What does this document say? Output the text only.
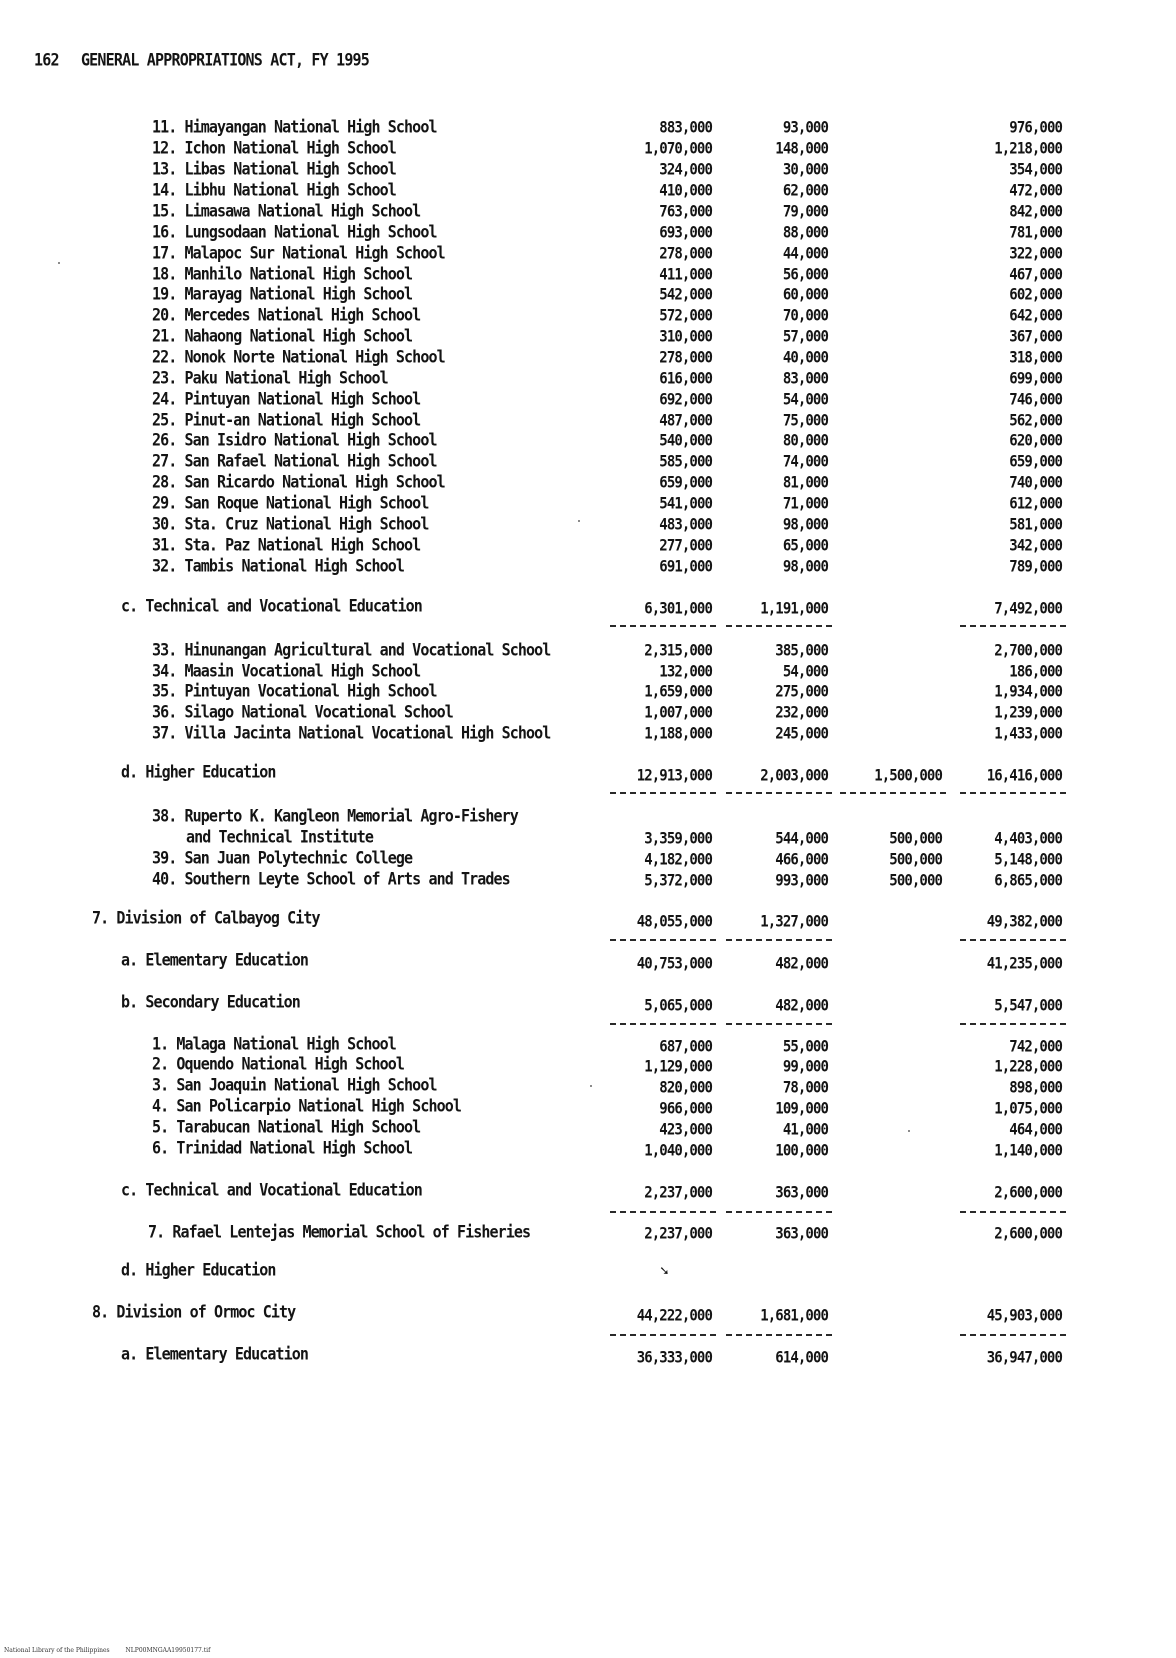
162 GENERAL APPROPRIATIONS ACT, FY 1995
11. Himayangan National High School	883,000	93,000	976,000
12. Ichon National High School	1,070,000	148,000	1,218,000
13. Libas National High School	324,000	30,000	354,000
14. Libhu National High School	410,000	62,000	472,000
15. Limasawa National High School	763,000	79,000	842,000
16. Lungsodaan National High School	693,000	88,000	781,000
17. Malapoc Sur National High School	278,000	44,000	322,000
18. Manhilo National High School	411,000	56,000	467,000
19. Marayag National High School	542,000	60,000	602,000
20. Mercedes National High School	572,000	70,000	642,000
21. Nahaong National High School	310,000	57,000	367,000
22. Nonok Norte National High School	278,000	40,000	318,000
23. Paku National High School	616,000	83,000	699,000
24. Pintuyan National High School	692,000	54,000	746,000
25. Pinut-an National High School	487,000	75,000	562,000
26. San Isidro National High School	540,000	80,000	620,000
27. San Rafael National High School	585,000	74,000	659,000
28. San Ricardo National High School	659,000	81,000	740,000
29. San Roque National High School	541,000	71,000	612,000
30. Sta. Cruz National High School	483,000	98,000	581,000
31. Sta. Paz National High School	277,000	65,000	342,000
32. Tambis National High School	691,000	98,000	789,000
c. Technical and Vocational Education	6,301,000	1,191,000	7,492,000
33. Hinunangan Agricultural and Vocational School	2,315,000	385,000	2,700,000
34. Maasin Vocational High School	132,000	54,000	186,000
35. Pintuyan Vocational High School	1,659,000	275,000	1,934,000
36. Silago National Vocational School	1,007,000	232,000	1,239,000
37. Villa Jacinta National Vocational High School	1,188,000	245,000	1,433,000
d. Higher Education	12,913,000	2,003,000	1,500,000	16,416,000
38. Ruperto K. Kangleon Memorial Agro-Fishery
and Technical Institute	3,359,000	544,000	500,000	4,403,000
39. San Juan Polytechnic College	4,182,000	466,000	500,000	5,148,000
40. Southern Leyte School of Arts and Trades	5,372,000	993,000	500,000	6,865,000
7. Division of Calbayog City	48,055,000	1,327,000	49,382,000
a. Elementary Education	40,753,000	482,000	41,235,000
b. Secondary Education	5,065,000	482,000	5,547,000
1. Malaga National High School	687,000	55,000	742,000
2. Oquendo National High School	1,129,000	99,000	1,228,000
3. San Joaquin National High School	820,000	78,000	898,000
4. San Policarpio National High School	966,000	109,000	1,075,000
5. Tarabucan National High School	423,000	41,000	464,000
6. Trinidad National High School	1,040,000	100,000	1,140,000
c. Technical and Vocational Education	2,237,000	363,000	2,600,000
7. Rafael Lentejas Memorial School of Fisheries	2,237,000	363,000	2,600,000
d. Higher Education
8. Division of Ormoc City	44,222,000	1,681,000	45,903,000
a. Elementary Education	36,333,000	614,000	36,947,000
➘
National Library of the Philippines	NLP00MNGAA19950177.tif
